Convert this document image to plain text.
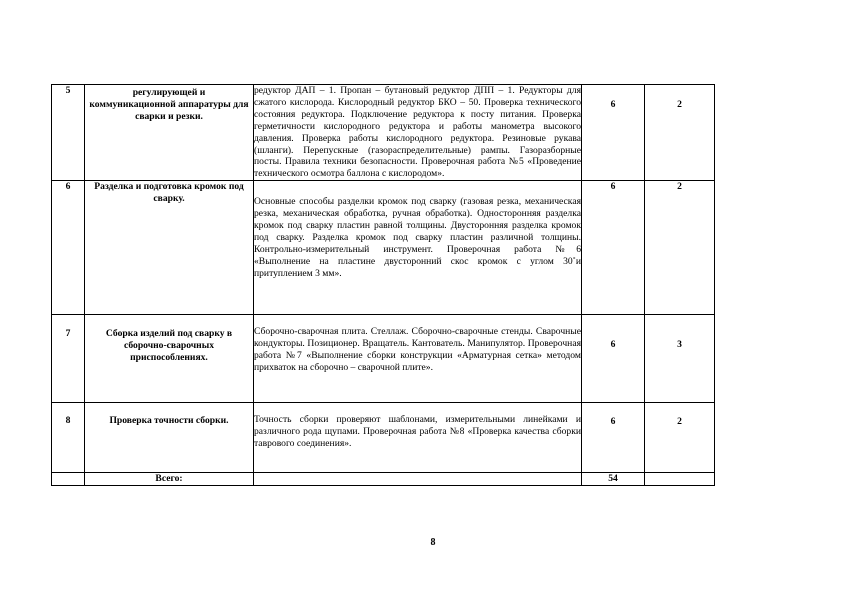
5	регулирующей и коммуникационной аппаратуры для сварки и резки.	редуктор ДАП – 1. Пропан – бутановый редуктор ДПП – 1. Редукторы для сжатого кислорода. Кислородный редуктор БКО – 50. Проверка технического состояния редуктора. Подключение редуктора к посту питания. Проверка герметичности кислородного редуктора и работы манометра высокого давления. Проверка работы кислородного редуктора. Резиновые рукава (шланги). Перепускные (газораспределительные) рампы. Газоразборные посты. Правила техники безопасности. Проверочная работа №5 «Проведение технического осмотра баллона с кислородом».	6	2
6	Разделка и подготовка кромок под сварку.	Основные способы разделки кромок под сварку (газовая резка, механическая резка, механическая обработка, ручная обработка). Односторонняя разделка кромок под сварку пластин равной толщины. Двусторонняя разделка кромок под сварку. Разделка кромок под сварку пластин различной толщины. Контрольно-измерительный инструмент. Проверочная работа №6 «Выполнение на пластине двусторонний скос кромок с углом 30˚и притуплением 3 мм».	6	2
7	Сборка изделий под сварку в сборочно-сварочных приспособлениях.	Сборочно-сварочная плита. Стеллаж. Сборочно-сварочные стенды. Сварочные кондукторы. Позиционер. Вращатель. Кантователь. Манипулятор. Проверочная работа №7 «Выполнение сборки конструкции «Арматурная сетка» методом прихваток на сборочно – сварочной плите».	6	3
8	Проверка точности сборки.	Точность сборки проверяют шаблонами, измерительными линейками и различного рода щупами. Проверочная работа №8 «Проверка качества сборки таврового соединения».	6	2
	Всего:		54	
8
